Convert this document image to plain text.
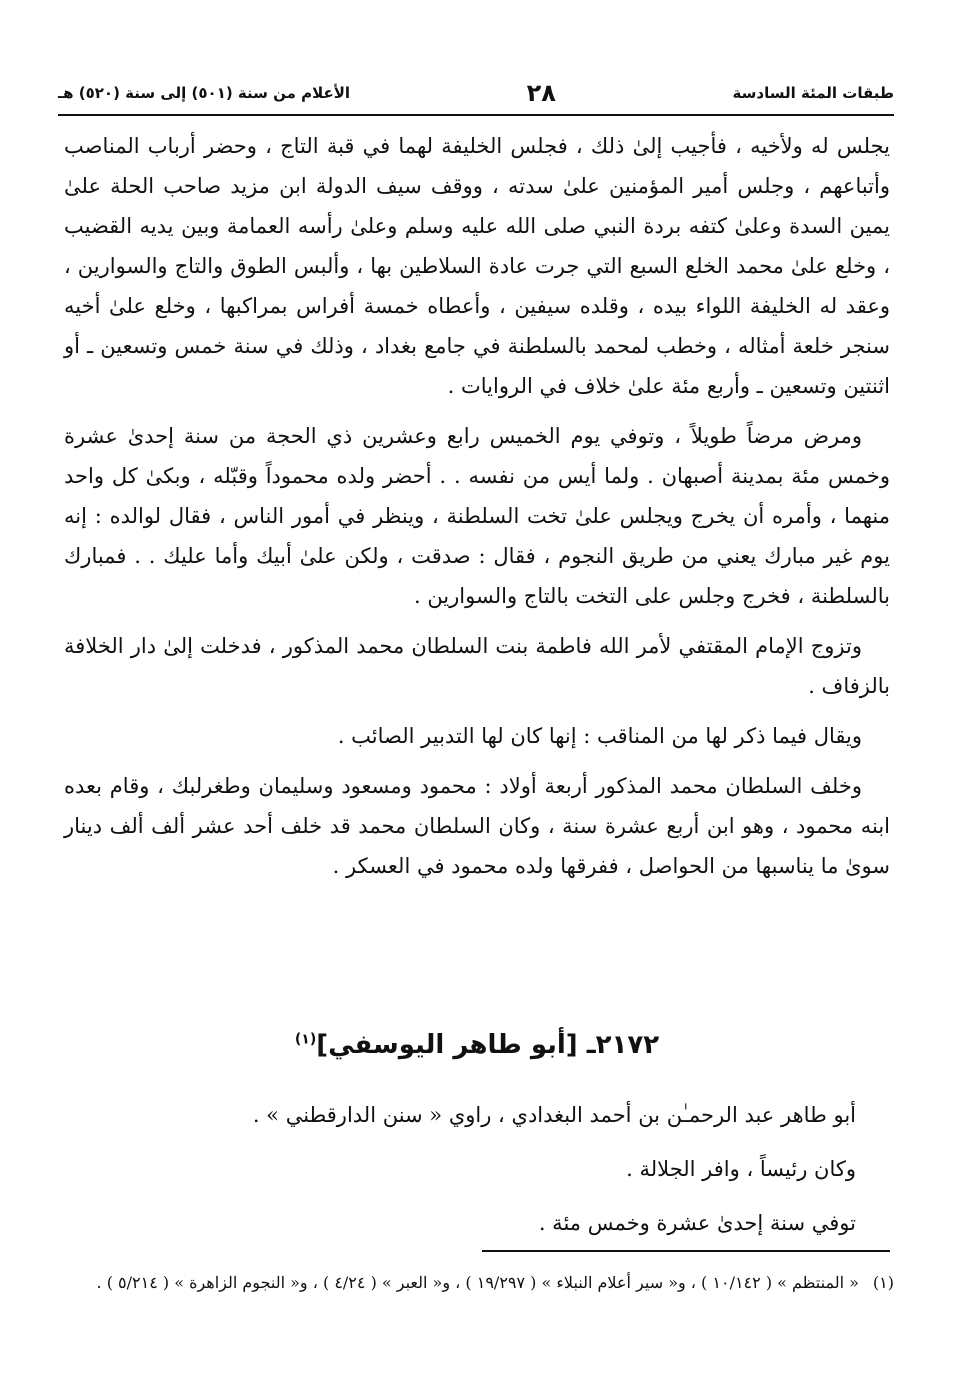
طبقات المئة السادسة
٢٨
الأعلام من سنة (٥٠١) إلى سنة (٥٢٠) هـ

يجلس له ولأخيه ، فأجيب إلىٰ ذلك ، فجلس الخليفة لهما في قبة التاج ، وحضر أرباب المناصب وأتباعهم ، وجلس أمير المؤمنين علىٰ سدته ، ووقف سيف الدولة ابن مزيد صاحب الحلة علىٰ يمين السدة وعلىٰ كتفه بردة النبي صلى الله عليه وسلم وعلىٰ رأسه العمامة وبين يديه القضيب ، وخلع علىٰ محمد الخلع السبع التي جرت عادة السلاطين بها ، وألبس الطوق والتاج والسوارين ، وعقد له الخليفة اللواء بيده ، وقلده سيفين ، وأعطاه خمسة أفراس بمراكبها ، وخلع علىٰ أخيه سنجر خلعة أمثاله ، وخطب لمحمد بالسلطنة في جامع بغداد ، وذلك في سنة خمس وتسعين ـ أو اثنتين وتسعين ـ وأربع مئة علىٰ خلاف في الروايات .

ومرض مرضاً طويلاً ، وتوفي يوم الخميس رابع وعشرين ذي الحجة من سنة إحدىٰ عشرة وخمس مئة بمدينة أصبهان . ولما أيس من نفسه . . أحضر ولده محموداً وقبّله ، وبكىٰ كل واحد منهما ، وأمره أن يخرج ويجلس علىٰ تخت السلطنة ، وينظر في أمور الناس ، فقال لوالده : إنه يوم غير مبارك يعني من طريق النجوم ، فقال : صدقت ، ولكن علىٰ أبيك وأما عليك . . فمبارك بالسلطنة ، فخرج وجلس على التخت بالتاج والسوارين .

وتزوج الإمام المقتفي لأمر الله فاطمة بنت السلطان محمد المذكور ، فدخلت إلىٰ دار الخلافة بالزفاف .

ويقال فيما ذكر لها من المناقب : إنها كان لها التدبير الصائب .

وخلف السلطان محمد المذكور أربعة أولاد : محمود ومسعود وسليمان وطغرلبك ، وقام بعده ابنه محمود ، وهو ابن أربع عشرة سنة ، وكان السلطان محمد قد خلف أحد عشر ألف ألف دينار سوىٰ ما يناسبها من الحواصل ، ففرقها ولده محمود في العسكر .

٢١٧٢ـ [أبو طاهر اليوسفي]$^{(١)}$

أبو طاهر عبد الرحمـٰن بن أحمد البغدادي ، راوي « سنن الدارقطني » .

وكان رئيساً ، وافر الجلالة .

توفي سنة إحدىٰ عشرة وخمس مئة .

(١)« المنتظم » ( ١٠/١٤٢ ) ، و« سير أعلام النبلاء » ( ١٩/٢٩٧ ) ، و« العبر » ( ٤/٢٤ ) ، و« النجوم الزاهرة » ( ٥/٢١٤ ) .
